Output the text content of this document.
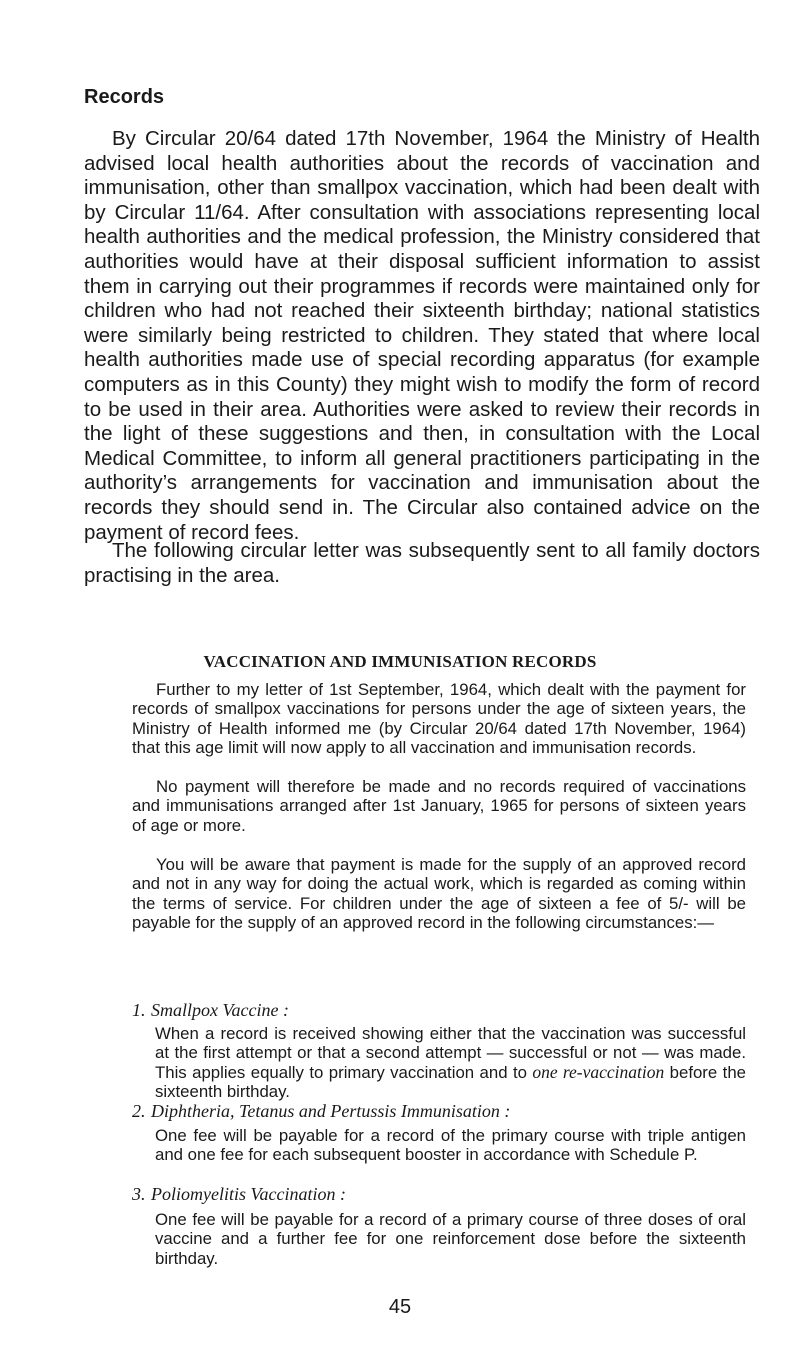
Records

By Circular 20/64 dated 17th November, 1964 the Ministry of Health advised local health authorities about the records of vaccination and immunisation, other than smallpox vaccination, which had been dealt with by Circular 11/64. After consultation with associations representing local health authorities and the medical profession, the Ministry considered that authorities would have at their disposal sufficient information to assist them in carrying out their programmes if records were maintained only for children who had not reached their sixteenth birthday; national statistics were similarly being restricted to children. They stated that where local health authorities made use of special recording apparatus (for example computers as in this County) they might wish to modify the form of record to be used in their area. Authorities were asked to review their records in the light of these suggestions and then, in consultation with the Local Medical Committee, to inform all general practitioners participating in the authority’s arrangements for vaccination and immunisation about the records they should send in. The Circular also contained advice on the payment of record fees.

The following circular letter was subsequently sent to all family doctors practising in the area.

VACCINATION AND IMMUNISATION RECORDS

Further to my letter of 1st September, 1964, which dealt with the payment for records of smallpox vaccinations for persons under the age of sixteen years, the Ministry of Health informed me (by Circular 20/64 dated 17th November, 1964) that this age limit will now apply to all vaccination and immunisation records.

No payment will therefore be made and no records required of vaccinations and immunisations arranged after 1st January, 1965 for persons of sixteen years of age or more.

You will be aware that payment is made for the supply of an approved record and not in any way for doing the actual work, which is regarded as coming within the terms of service. For children under the age of sixteen a fee of 5/- will be payable for the supply of an approved record in the following circumstances:—

1. Smallpox Vaccine :

When a record is received showing either that the vaccination was successful at the first attempt or that a second attempt — successful or not — was made. This applies equally to primary vaccination and to one re-vaccination before the sixteenth birthday.

2. Diphtheria, Tetanus and Pertussis Immunisation :

One fee will be payable for a record of the primary course with triple antigen and one fee for each subsequent booster in accordance with Schedule P.

3. Poliomyelitis Vaccination :

One fee will be payable for a record of a primary course of three doses of oral vaccine and a further fee for one reinforcement dose before the sixteenth birthday.

45
